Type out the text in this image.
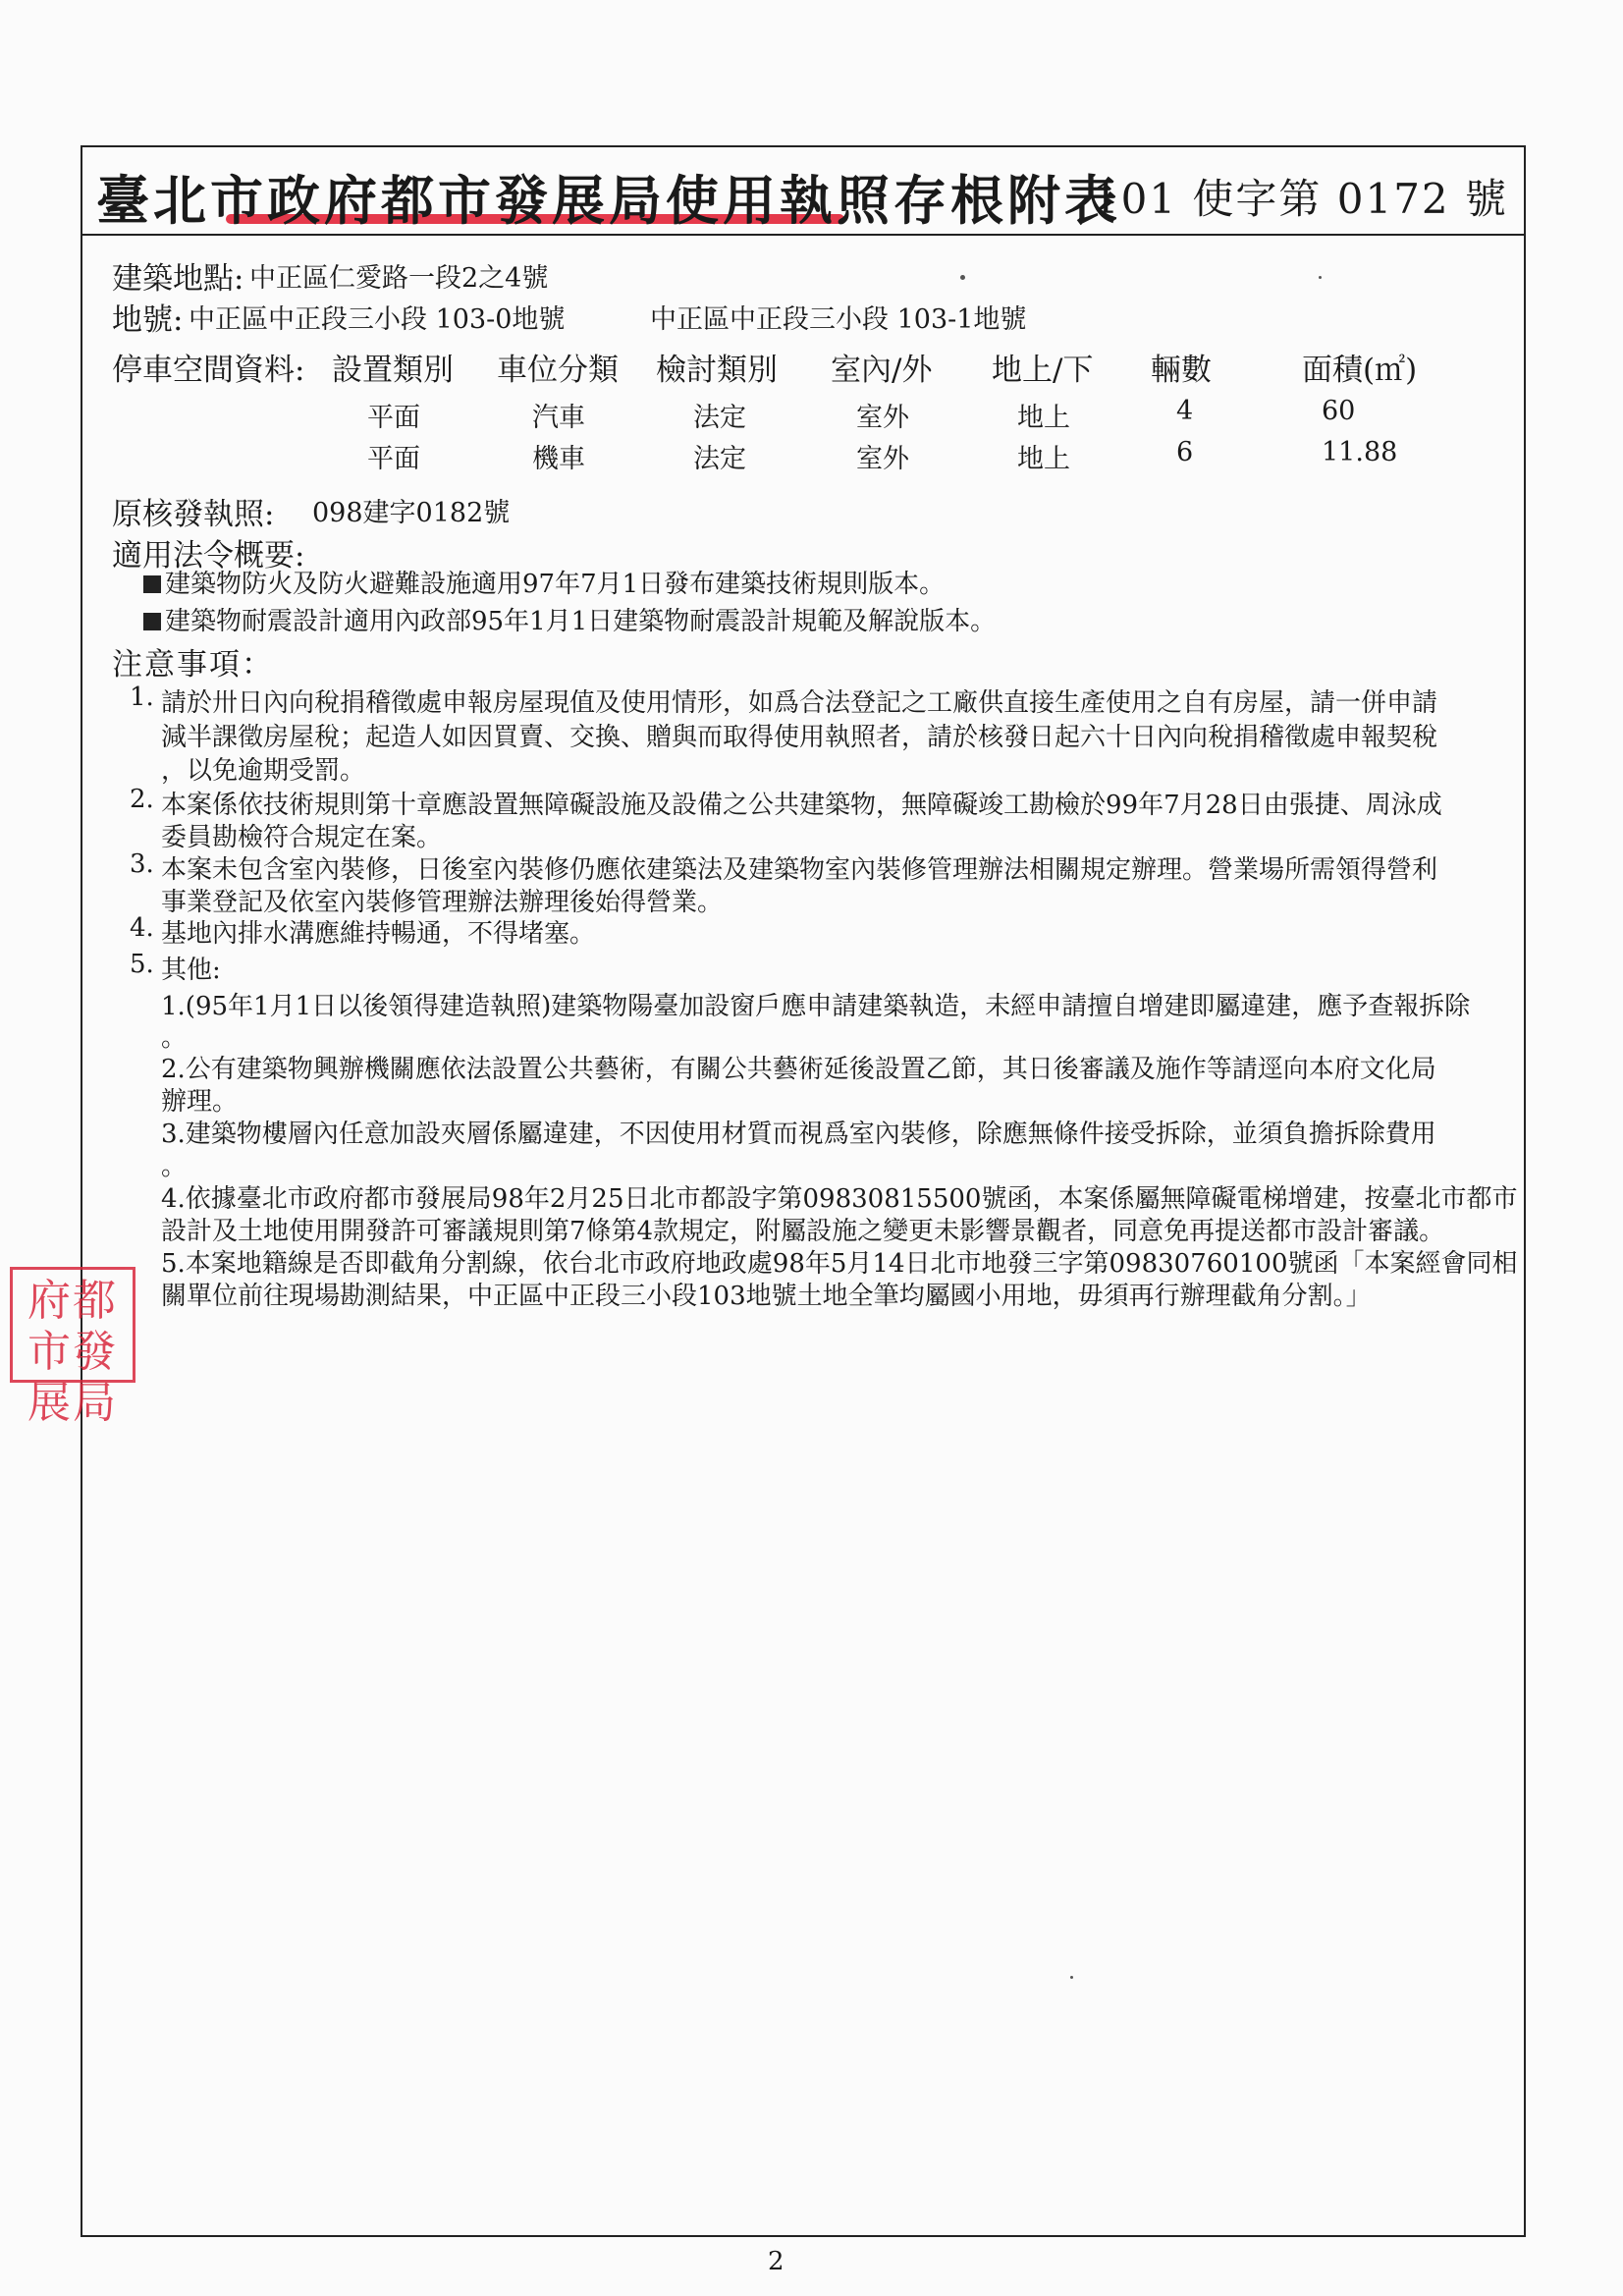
臺北市政府都市發展局使用執照存根附表
101 使字第 0172 號
建築地點: 中正區仁愛路一段2之4號
地號: 中正區中正段三小段 103-0地號	中正區中正段三小段 103-1地號
停車空間資料: 設置類別 車位分類 檢討類別 室內/外 地上/下 輛數	面積(㎡)
平面	汽車	法定	室外	地上	4	60
平面	機車	法定	室外	地上	6	11.88
原核發執照: 098建字0182號
適用法令概要:
建築物防火及防火避難設施適用97年7月1日發布建築技術規則版本。
建築物耐震設計適用內政部95年1月1日建築物耐震設計規範及解說版本。
注意事項：
1. 請於卅日內向稅捐稽徵處申報房屋現值及使用情形，如爲合法登記之工廠供直接生產使用之自有房屋，請一併申請
減半課徵房屋稅；起造人如因買賣、交換、贈與而取得使用執照者，請於核發日起六十日內向稅捐稽徵處申報契稅
，以免逾期受罰。
2. 本案係依技術規則第十章應設置無障礙設施及設備之公共建築物，無障礙竣工勘檢於99年7月28日由張捷、周泳成
委員勘檢符合規定在案。
3. 本案未包含室內裝修，日後室內裝修仍應依建築法及建築物室內裝修管理辦法相關規定辦理。營業場所需領得營利
事業登記及依室內裝修管理辦法辦理後始得營業。
4. 基地內排水溝應維持暢通，不得堵塞。
5. 其他:
1.(95年1月1日以後領得建造執照)建築物陽臺加設窗戶應申請建築執造，未經申請擅自增建即屬違建，應予查報拆除
。
2.公有建築物興辦機關應依法設置公共藝術，有關公共藝術延後設置乙節，其日後審議及施作等請逕向本府文化局
辦理。
3.建築物樓層內任意加設夾層係屬違建，不因使用材質而視爲室內裝修，除應無條件接受拆除，並須負擔拆除費用
。
4.依據臺北市政府都市發展局98年2月25日北市都設字第09830815500號函，本案係屬無障礙電梯增建，按臺北市都市
設計及土地使用開發許可審議規則第7條第4款規定，附屬設施之變更未影響景觀者，同意免再提送都市設計審議。
5.本案地籍線是否即截角分割線，依台北市政府地政處98年5月14日北市地發三字第09830760100號函「本案經會同相
關單位前往現場勘測結果，中正區中正段三小段103地號土地全筆均屬國小用地，毋須再行辦理截角分割。」
府都市發展局
2
